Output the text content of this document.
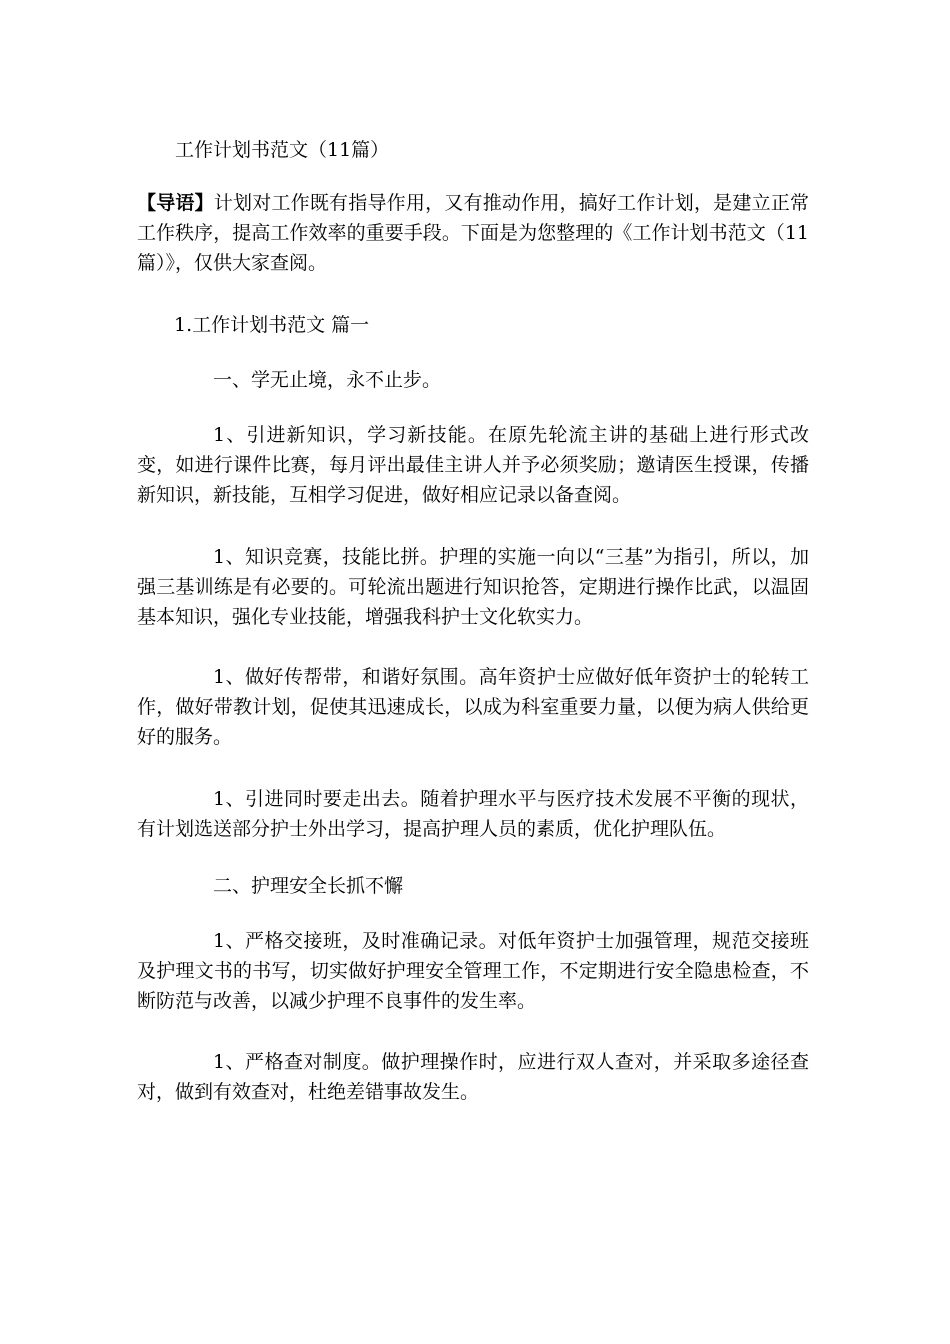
工作计划书范文（11篇）
【导语】计划对工作既有指导作用，又有推动作用，搞好工作计划，是建立正常工作秩序，提高工作效率的重要手段。下面是为您整理的《工作计划书范文（11篇）》，仅供大家查阅。
1.工作计划书范文 篇一
一、学无止境，永不止步。
1、引进新知识，学习新技能。在原先轮流主讲的基础上进行形式改变，如进行课件比赛，每月评出最佳主讲人并予必须奖励；邀请医生授课，传播新知识，新技能，互相学习促进，做好相应记录以备查阅。
1、知识竞赛，技能比拼。护理的实施一向以“三基”为指引，所以，加强三基训练是有必要的。可轮流出题进行知识抢答，定期进行操作比武，以温固基本知识，强化专业技能，增强我科护士文化软实力。
1、做好传帮带，和谐好氛围。高年资护士应做好低年资护士的轮转工作，做好带教计划，促使其迅速成长，以成为科室重要力量，以便为病人供给更好的服务。
1、引进同时要走出去。随着护理水平与医疗技术发展不平衡的现状，有计划选送部分护士外出学习，提高护理人员的素质，优化护理队伍。
二、护理安全长抓不懈
1、严格交接班，及时准确记录。对低年资护士加强管理，规范交接班及护理文书的书写，切实做好护理安全管理工作，不定期进行安全隐患检查，不断防范与改善，以减少护理不良事件的发生率。
1、严格查对制度。做护理操作时，应进行双人查对，并采取多途径查对，做到有效查对，杜绝差错事故发生。
